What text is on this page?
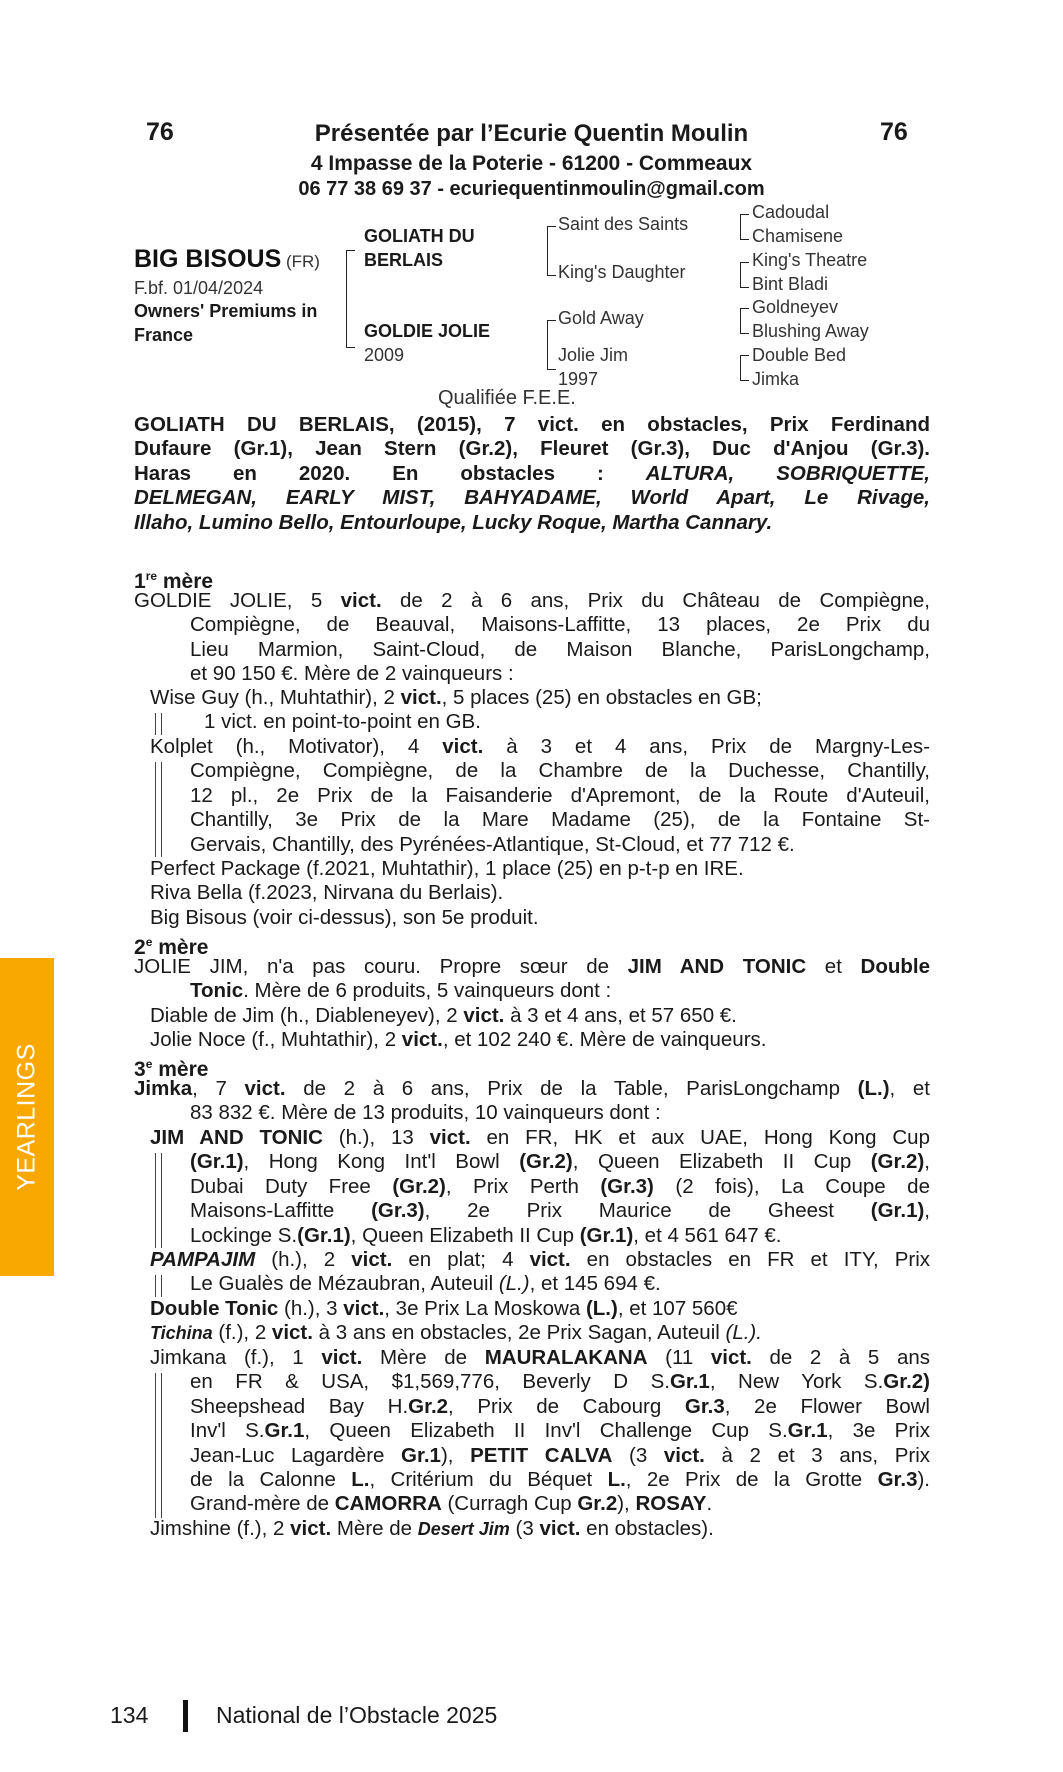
76	76
Présentée par l’Ecurie Quentin Moulin
4 Impasse de la Poterie - 61200 - Commeaux
06 77 38 69 37 - ecuriequentinmoulin@gmail.com
BIG BISOUS (FR)
F.bf. 01/04/2024
Owners' Premiums in
France
GOLIATH DU
BERLAIS
GOLDIE JOLIE
2009
Saint des Saints
King's Daughter
Gold Away
Jolie Jim
1997
Cadoudal
Chamisene
King's Theatre
Bint Bladi
Goldneyev
Blushing Away
Double Bed
Jimka
Qualifiée F.E.E.
GOLIATH DU BERLAIS, (2015), 7 vict. en obstacles, Prix Ferdinand
Dufaure (Gr.1), Jean Stern (Gr.2), Fleuret (Gr.3), Duc d'Anjou (Gr.3).
Haras en 2020. En obstacles : ALTURA, SOBRIQUETTE,
DELMEGAN, EARLY MIST, BAHYADAME, World Apart, Le Rivage,
Illaho, Lumino Bello, Entourloupe, Lucky Roque, Martha Cannary.
1re mère
GOLDIE JOLIE, 5 vict. de 2 à 6 ans, Prix du Château de Compiègne,
Compiègne, de Beauval, Maisons-Laffitte, 13 places, 2e Prix du
Lieu Marmion, Saint-Cloud, de Maison Blanche, ParisLongchamp,
et 90 150 €. Mère de 2 vainqueurs :
Wise Guy (h., Muhtathir), 2 vict., 5 places (25) en obstacles en GB;
1 vict. en point-to-point en GB.
Kolplet (h., Motivator), 4 vict. à 3 et 4 ans, Prix de Margny-Les-
Compiègne, Compiègne, de la Chambre de la Duchesse, Chantilly,
12 pl., 2e Prix de la Faisanderie d'Apremont, de la Route d'Auteuil,
Chantilly, 3e Prix de la Mare Madame (25), de la Fontaine St-
Gervais, Chantilly, des Pyrénées-Atlantique, St-Cloud, et 77 712 €.
Perfect Package (f.2021, Muhtathir), 1 place (25) en p-t-p en IRE.
Riva Bella (f.2023, Nirvana du Berlais).
Big Bisous (voir ci-dessus), son 5e produit.
2e mère
JOLIE JIM, n'a pas couru. Propre sœur de JIM AND TONIC et Double
Tonic. Mère de 6 produits, 5 vainqueurs dont :
Diable de Jim (h., Diableneyev), 2 vict. à 3 et 4 ans, et 57 650 €.
Jolie Noce (f., Muhtathir), 2 vict., et 102 240 €. Mère de vainqueurs.
3e mère
Jimka, 7 vict. de 2 à 6 ans, Prix de la Table, ParisLongchamp (L.), et
83 832 €. Mère de 13 produits, 10 vainqueurs dont :
JIM AND TONIC (h.), 13 vict. en FR, HK et aux UAE, Hong Kong Cup
(Gr.1), Hong Kong Int'l Bowl (Gr.2), Queen Elizabeth II Cup (Gr.2),
Dubai Duty Free (Gr.2), Prix Perth (Gr.3) (2 fois), La Coupe de
Maisons-Laffitte (Gr.3), 2e Prix Maurice de Gheest (Gr.1),
Lockinge S.(Gr.1), Queen Elizabeth II Cup (Gr.1), et 4 561 647 €.
PAMPAJIM (h.), 2 vict. en plat; 4 vict. en obstacles en FR et ITY, Prix
Le Gualès de Mézaubran, Auteuil (L.), et 145 694 €.
Double Tonic (h.), 3 vict., 3e Prix La Moskowa (L.), et 107 560€
Tichina (f.), 2 vict. à 3 ans en obstacles, 2e Prix Sagan, Auteuil (L.).
Jimkana (f.), 1 vict. Mère de MAURALAKANA (11 vict. de 2 à 5 ans
en FR & USA, $1,569,776, Beverly D S.Gr.1, New York S.Gr.2)
Sheepshead Bay H.Gr.2, Prix de Cabourg Gr.3, 2e Flower Bowl
Inv'l S.Gr.1, Queen Elizabeth II Inv'l Challenge Cup S.Gr.1, 3e Prix
Jean-Luc Lagardère Gr.1), PETIT CALVA (3 vict. à 2 et 3 ans, Prix
de la Calonne L., Critérium du Béquet L., 2e Prix de la Grotte Gr.3).
Grand-mère de CAMORRA (Curragh Cup Gr.2), ROSAY.
Jimshine (f.), 2 vict. Mère de Desert Jim (3 vict. en obstacles).
YEARLINGS
134	National de l’Obstacle 2025
